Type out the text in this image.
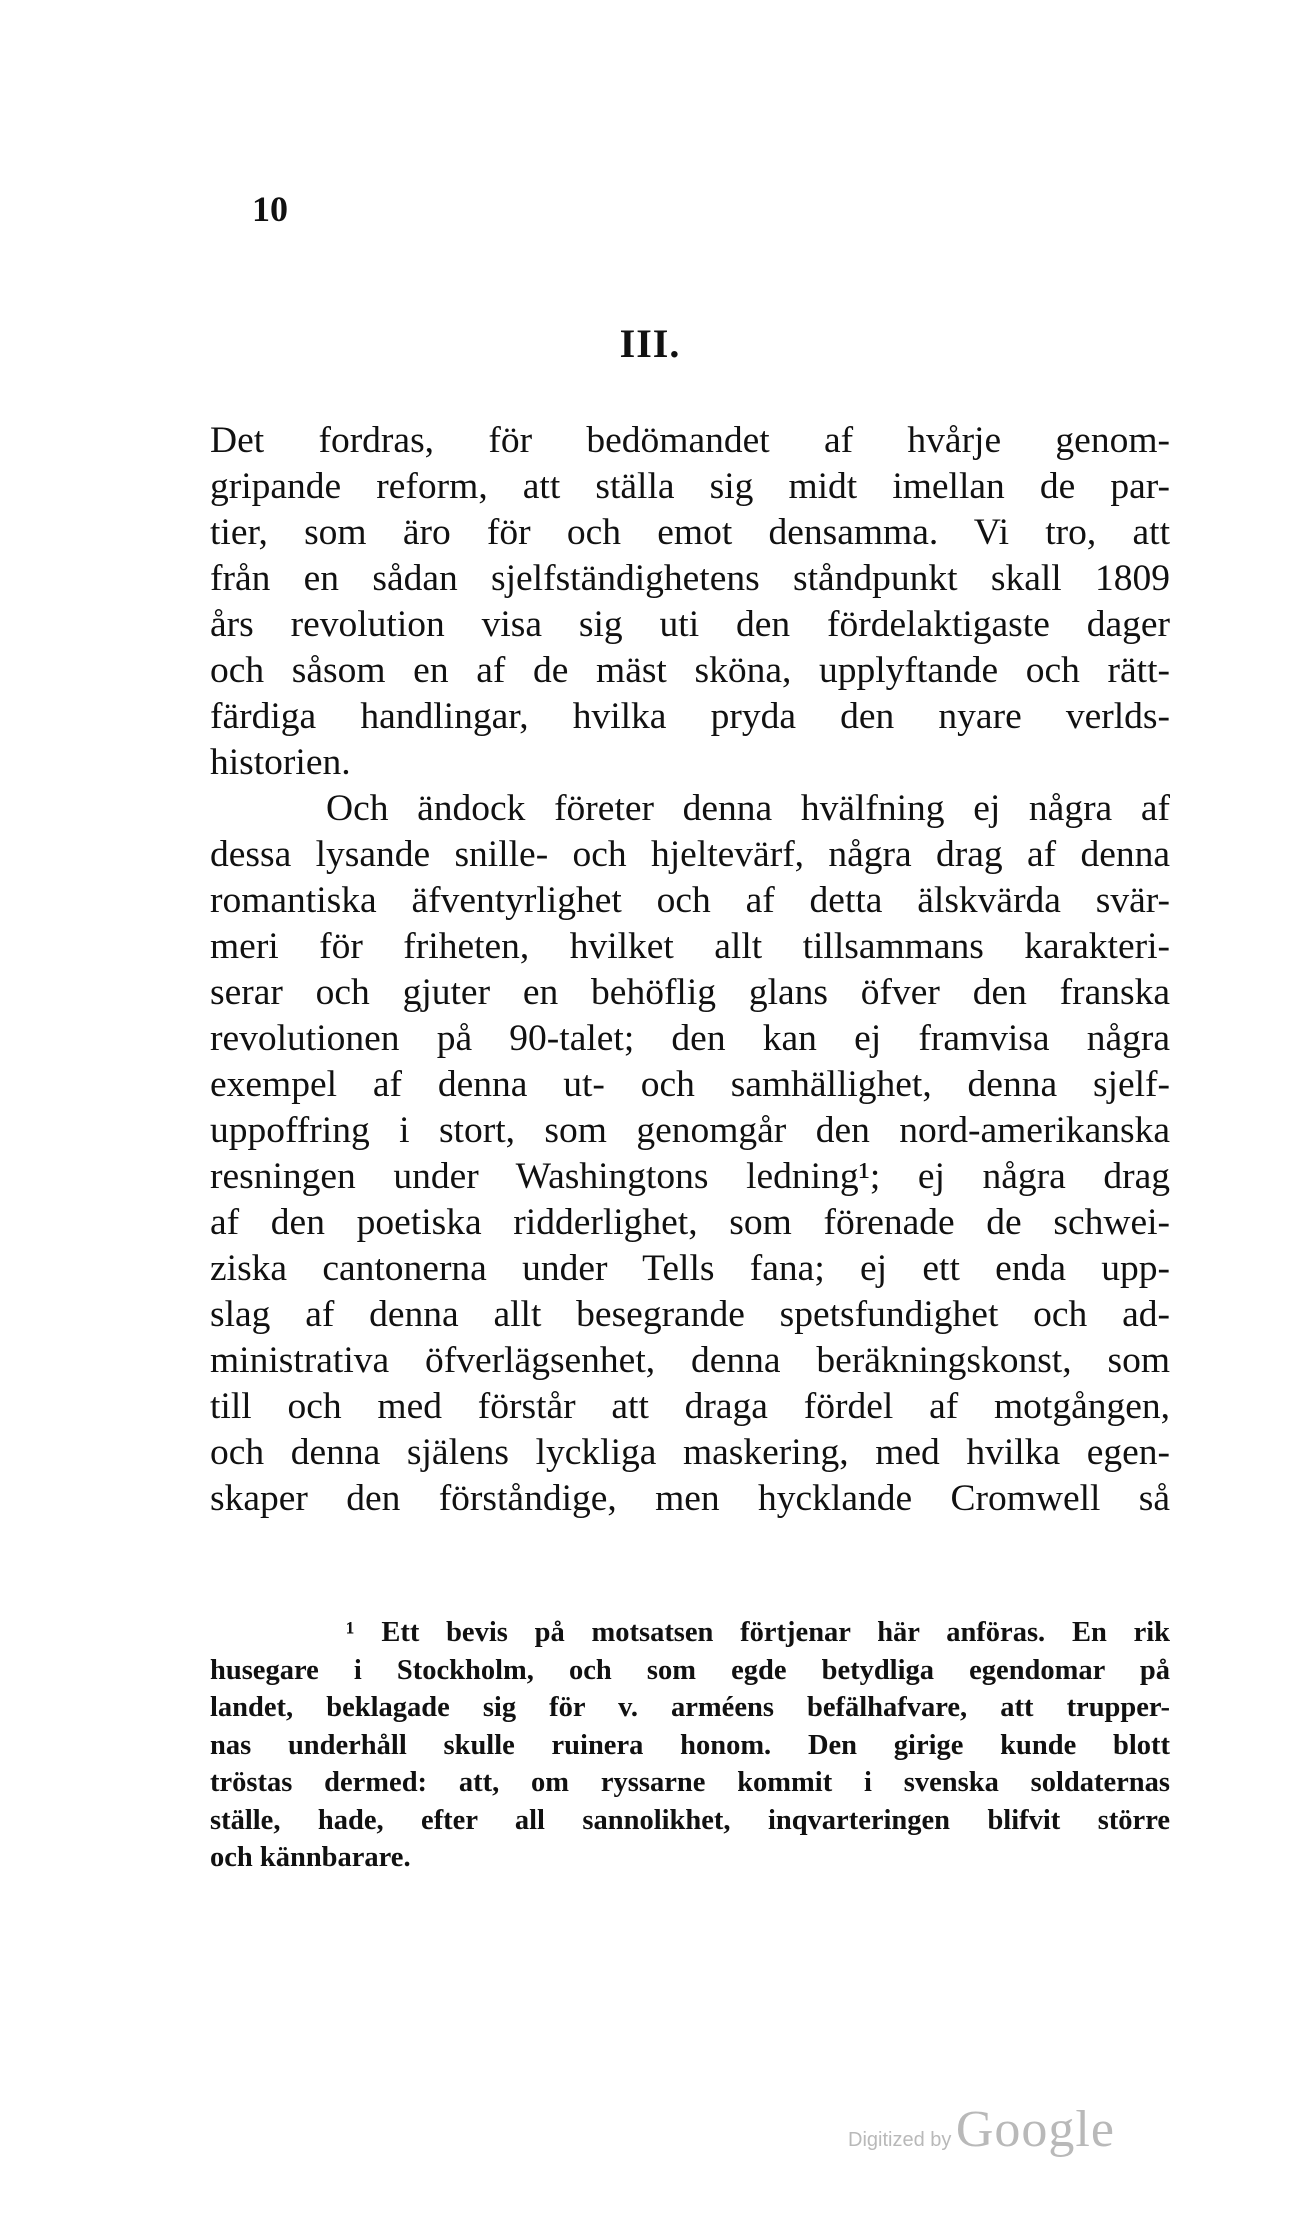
10
III.
Det fordras, för bedömandet af hvårje genom-
gripande reform, att ställa sig midt imellan de par-
tier, som äro för och emot densamma. Vi tro, att
från en sådan sjelfständighetens ståndpunkt skall 1809
års revolution visa sig uti den fördelaktigaste dager
och såsom en af de mäst sköna, upplyftande och rätt-
färdiga handlingar, hvilka pryda den nyare verlds-
historien.
Och ändock företer denna hvälfning ej några af
dessa lysande snille- och hjeltevärf, några drag af denna
romantiska äfventyrlighet och af detta älskvärda svär-
meri för friheten, hvilket allt tillsammans karakteri-
serar och gjuter en behöflig glans öfver den franska
revolutionen på 90-talet; den kan ej framvisa några
exempel af denna ut- och samhällighet, denna sjelf-
uppoffring i stort, som genomgår den nord-amerikanska
resningen under Washingtons ledning¹; ej några drag
af den poetiska ridderlighet, som förenade de schwei-
ziska cantonerna under Tells fana; ej ett enda upp-
slag af denna allt besegrande spetsfundighet och ad-
ministrativa öfverlägsenhet, denna beräkningskonst, som
till och med förstår att draga fördel af motgången,
och denna själens lyckliga maskering, med hvilka egen-
skaper den förståndige, men hycklande Cromwell så
¹ Ett bevis på motsatsen förtjenar här anföras. En rik
husegare i Stockholm, och som egde betydliga egendomar på
landet, beklagade sig för v. arméens befälhafvare, att trupper-
nas underhåll skulle ruinera honom. Den girige kunde blott
tröstas dermed: att, om ryssarne kommit i svenska soldaternas
ställe, hade, efter all sannolikhet, inqvarteringen blifvit större
och kännbarare.
Digitized by Google
